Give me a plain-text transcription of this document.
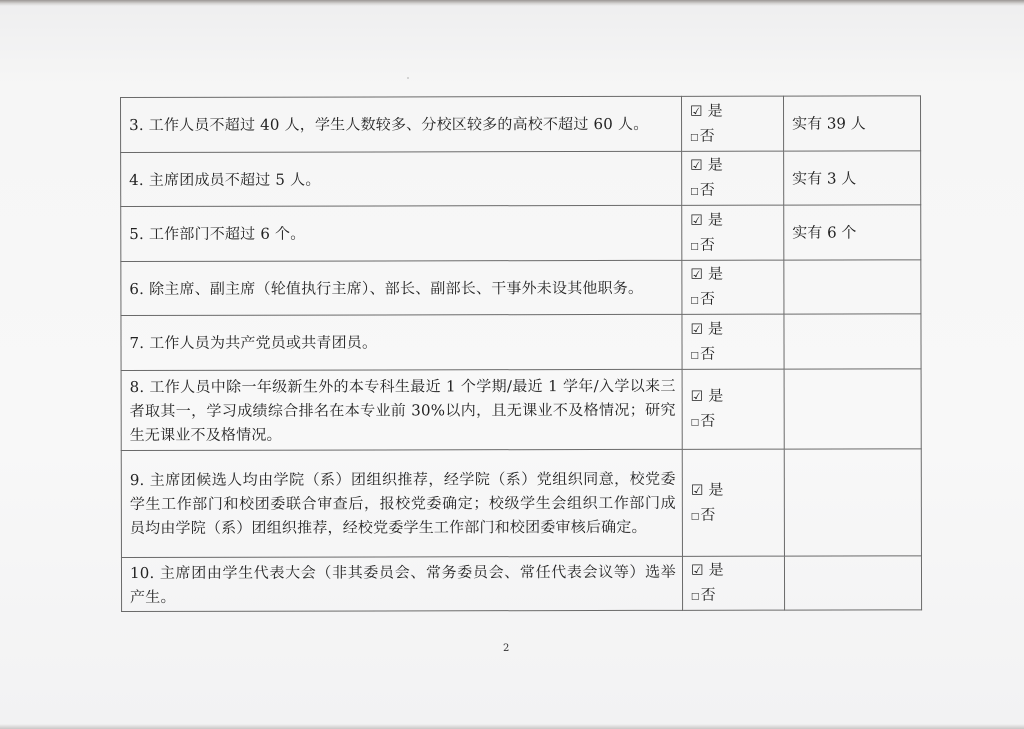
3. 工作人员不超过 40 人，学生人数较多、分校区较多的高校不超过 60 人。	☑ 是
□否	实有 39 人
4. 主席团成员不超过 5 人。	☑ 是
□否	实有 3 人
5. 工作部门不超过 6 个。	☑ 是
□否	实有 6 个
6. 除主席、副主席（轮值执行主席）、部长、副部长、干事外未设其他职务。	☑ 是
□否	

7. 工作人员为共产党员或共青团员。	☑ 是
□否	

8. 工作人员中除一年级新生外的本专科生最近 1 个学期/最近 1 学年/入学以来三者取其一，学习成绩综合排名在本专业前 30%以内，且无课业不及格情况；研究生无课业不及格情况。	☑ 是
□否	

9. 主席团候选人均由学院（系）团组织推荐，经学院（系）党组织同意，校党委学生工作部门和校团委联合审查后，报校党委确定；校级学生会组织工作部门成员均由学院（系）团组织推荐，经校党委学生工作部门和校团委审核后确定。	☑ 是
□否	

10. 主席团由学生代表大会（非其委员会、常务委员会、常任代表会议等）选举产生。	☑ 是
□否	

2
